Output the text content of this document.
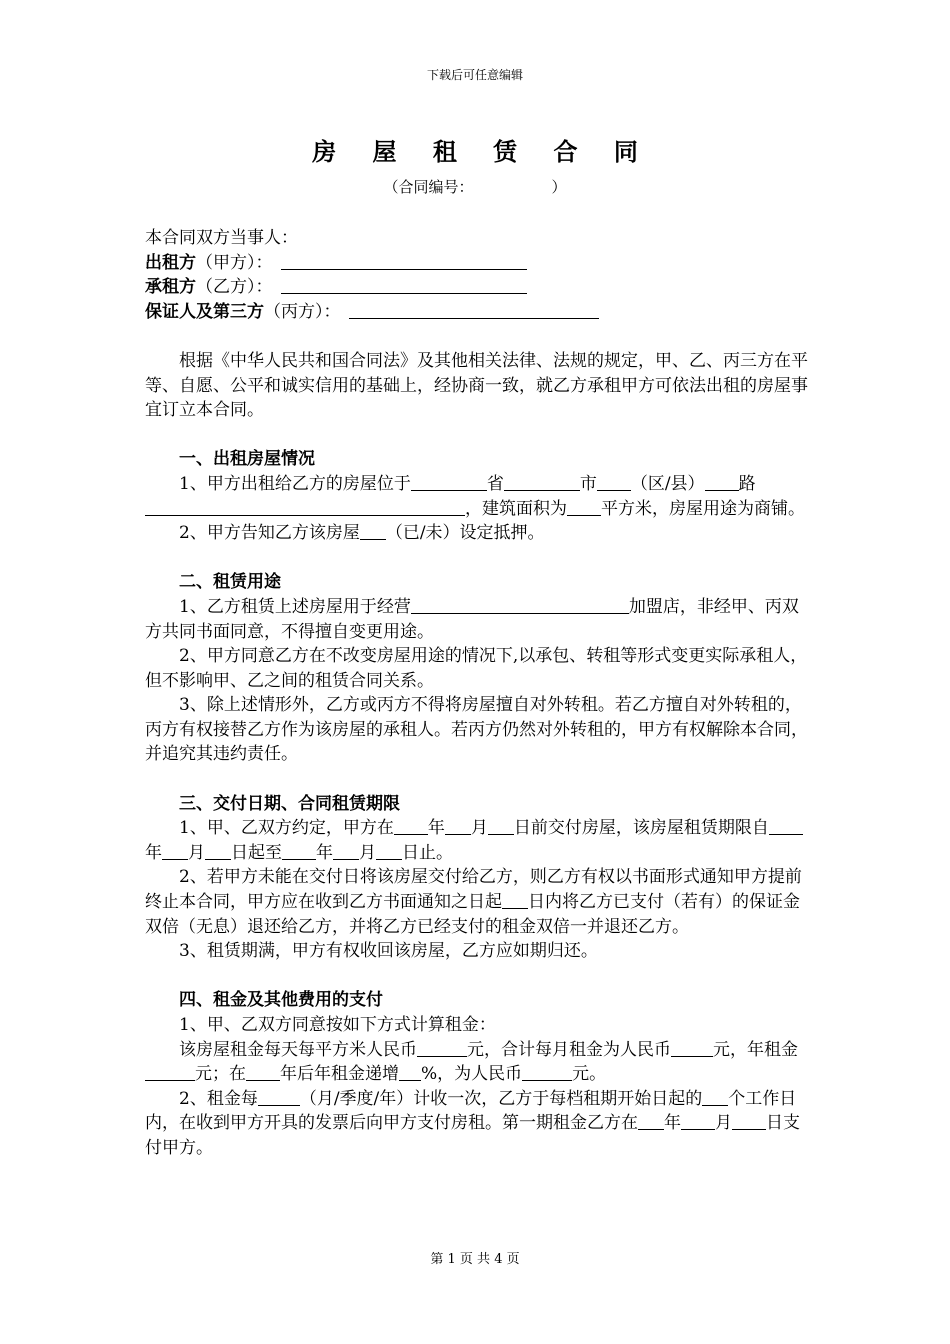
下载后可任意编辑
房 屋 租 赁 合 同
（合同编号：	）

本合同双方当事人：

出租方（甲方）：

承租方（乙方）：

保证人及第三方（丙方）：

根据《中华人民共和国合同法》及其他相关法律、法规的规定，甲、乙、丙三方在平等、自愿、公平和诚实信用的基础上，经协商一致，就乙方承租甲方可依法出租的房屋事宜订立本合同。

一、出租房屋情况

1、甲方出租给乙方的房屋位于	省	市 （区/县） 路，建筑面积为 平方米，房屋用途为商铺。

2、甲方告知乙方该房屋 （已/未）设定抵押。

二、租赁用途

1、乙方租赁上述房屋用于经营	加盟店，非经甲、丙双方共同书面同意，不得擅自变更用途。

2、甲方同意乙方在不改变房屋用途的情况下,以承包、转租等形式变更实际承租人，但不影响甲、乙之间的租赁合同关系。

3、除上述情形外，乙方或丙方不得将房屋擅自对外转租。若乙方擅自对外转租的，丙方有权接替乙方作为该房屋的承租人。若丙方仍然对外转租的，甲方有权解除本合同，并追究其违约责任。

三、交付日期、合同租赁期限

1、甲、乙双方约定，甲方在 年 月 日前交付房屋，该房屋租赁期限自年 月 日起至 年 月 日止。

2、若甲方未能在交付日将该房屋交付给乙方，则乙方有权以书面形式通知甲方提前终止本合同，甲方应在收到乙方书面通知之日起 日内将乙方已支付（若有）的保证金双倍（无息）退还给乙方，并将乙方已经支付的租金双倍一并退还乙方。

3、租赁期满，甲方有权收回该房屋，乙方应如期归还。

四、租金及其他费用的支付

1、甲、乙双方同意按如下方式计算租金：

该房屋租金每天每平方米人民币	元，合计每月租金为人民币 元，年租金元；在 年后年租金递增 %，为人民币	元。

2、租金每 （月/季度/年）计收一次，乙方于每档租期开始日起的 个工作日内，在收到甲方开具的发票后向甲方支付房租。第一期租金乙方在 年 月 日支付甲方。

第 1 页 共 4 页
